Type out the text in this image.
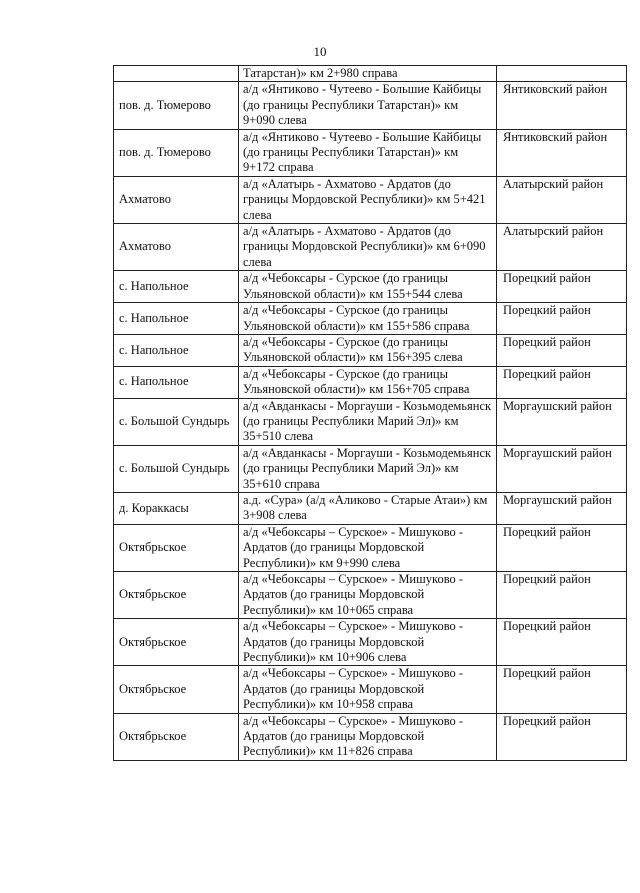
10
	Татарстан)» км 2+980 справа	
пов. д. Тюмерово	а/д «Янтиково - Чутеево - Большие Кайбицы (до границы Республики Татарстан)» км 9+090 слева	Янтиковский район
пов. д. Тюмерово	а/д «Янтиково - Чутеево - Большие Кайбицы (до границы Республики Татарстан)» км 9+172 справа	Янтиковский район
Ахматово	а/д «Алатырь - Ахматово - Ардатов (до границы Мордовской Республики)» км 5+421 слева	Алатырский район
Ахматово	а/д «Алатырь - Ахматово - Ардатов (до границы Мордовской Республики)» км 6+090 слева	Алатырский район
с. Напольное	а/д «Чебоксары - Сурское (до границы Ульяновской области)» км 155+544 слева	Порецкий район
с. Напольное	а/д «Чебоксары - Сурское (до границы Ульяновской области)» км 155+586 справа	Порецкий район
с. Напольное	а/д «Чебоксары - Сурское (до границы Ульяновской области)» км 156+395 слева	Порецкий район
с. Напольное	а/д «Чебоксары - Сурское (до границы Ульяновской области)» км 156+705 справа	Порецкий район
с. Большой Сундырь	а/д «Авданкасы - Моргауши - Козьмодемьянск (до границы Республики Марий Эл)» км 35+510 слева	Моргаушский район
с. Большой Сундырь	а/д «Авданкасы - Моргауши - Козьмодемьянск (до границы Республики Марий Эл)» км 35+610 справа	Моргаушский район
д. Кораккасы	а.д. «Сура» (а/д «Аликово - Старые Атаи») км 3+908 слева	Моргаушский район
Октябрьское	а/д «Чебоксары – Сурское» - Мишуково - Ардатов (до границы Мордовской Республики)» км 9+990 слева	Порецкий район
Октябрьское	а/д «Чебоксары – Сурское» - Мишуково - Ардатов (до границы Мордовской Республики)» км 10+065 справа	Порецкий район
Октябрьское	а/д «Чебоксары – Сурское» - Мишуково - Ардатов (до границы Мордовской Республики)» км 10+906 слева	Порецкий район
Октябрьское	а/д «Чебоксары – Сурское» - Мишуково - Ардатов (до границы Мордовской Республики)» км 10+958 справа	Порецкий район
Октябрьское	а/д «Чебоксары – Сурское» - Мишуково - Ардатов (до границы Мордовской Республики)» км 11+826 справа	Порецкий район
